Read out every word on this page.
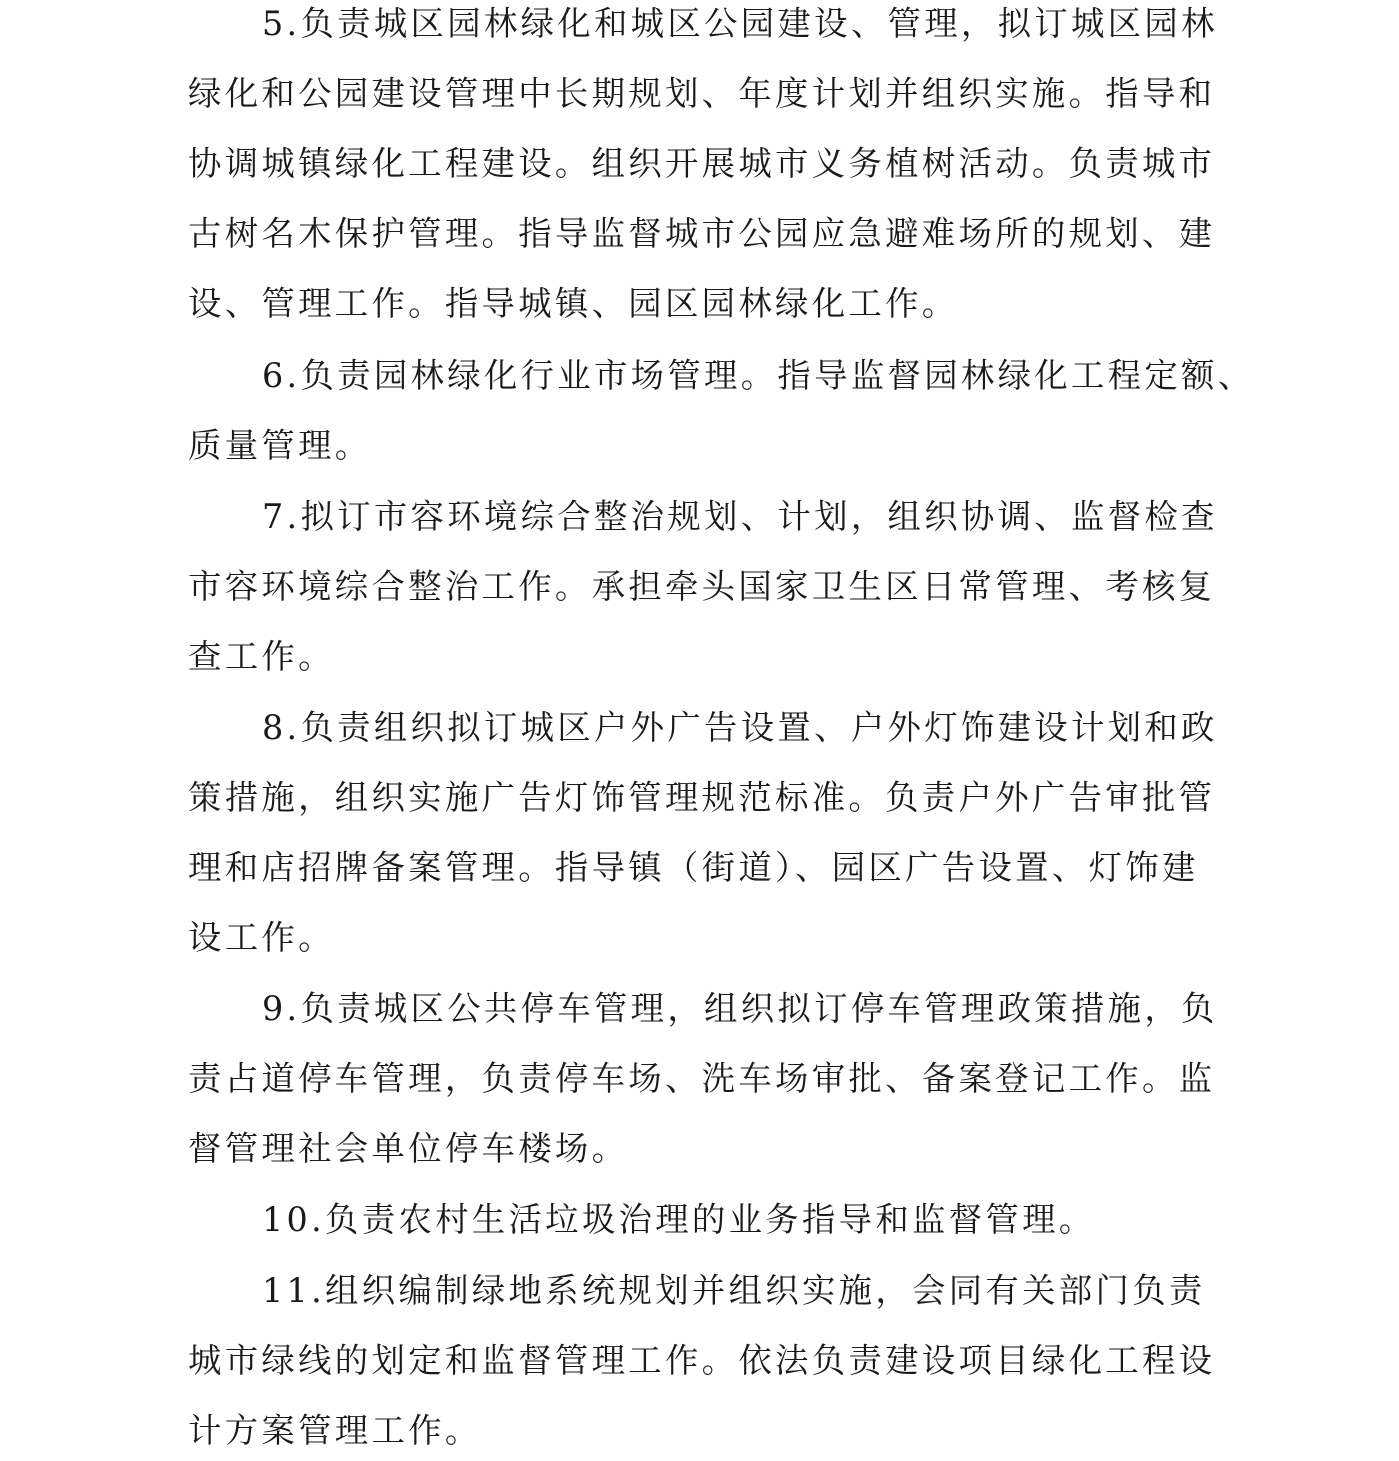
5.负责城区园林绿化和城区公园建设、管理，拟订城区园林
绿化和公园建设管理中长期规划、年度计划并组织实施。指导和
协调城镇绿化工程建设。组织开展城市义务植树活动。负责城市
古树名木保护管理。指导监督城市公园应急避难场所的规划、建
设、管理工作。指导城镇、园区园林绿化工作。
6.负责园林绿化行业市场管理。指导监督园林绿化工程定额、
质量管理。
7.拟订市容环境综合整治规划、计划，组织协调、监督检查
市容环境综合整治工作。承担牵头国家卫生区日常管理、考核复
查工作。
8.负责组织拟订城区户外广告设置、户外灯饰建设计划和政
策措施，组织实施广告灯饰管理规范标准。负责户外广告审批管
理和店招牌备案管理。指导镇（街道）、园区广告设置、灯饰建
设工作。
9.负责城区公共停车管理，组织拟订停车管理政策措施，负
责占道停车管理，负责停车场、洗车场审批、备案登记工作。监
督管理社会单位停车楼场。
10.负责农村生活垃圾治理的业务指导和监督管理。
11.组织编制绿地系统规划并组织实施，会同有关部门负责
城市绿线的划定和监督管理工作。依法负责建设项目绿化工程设
计方案管理工作。
